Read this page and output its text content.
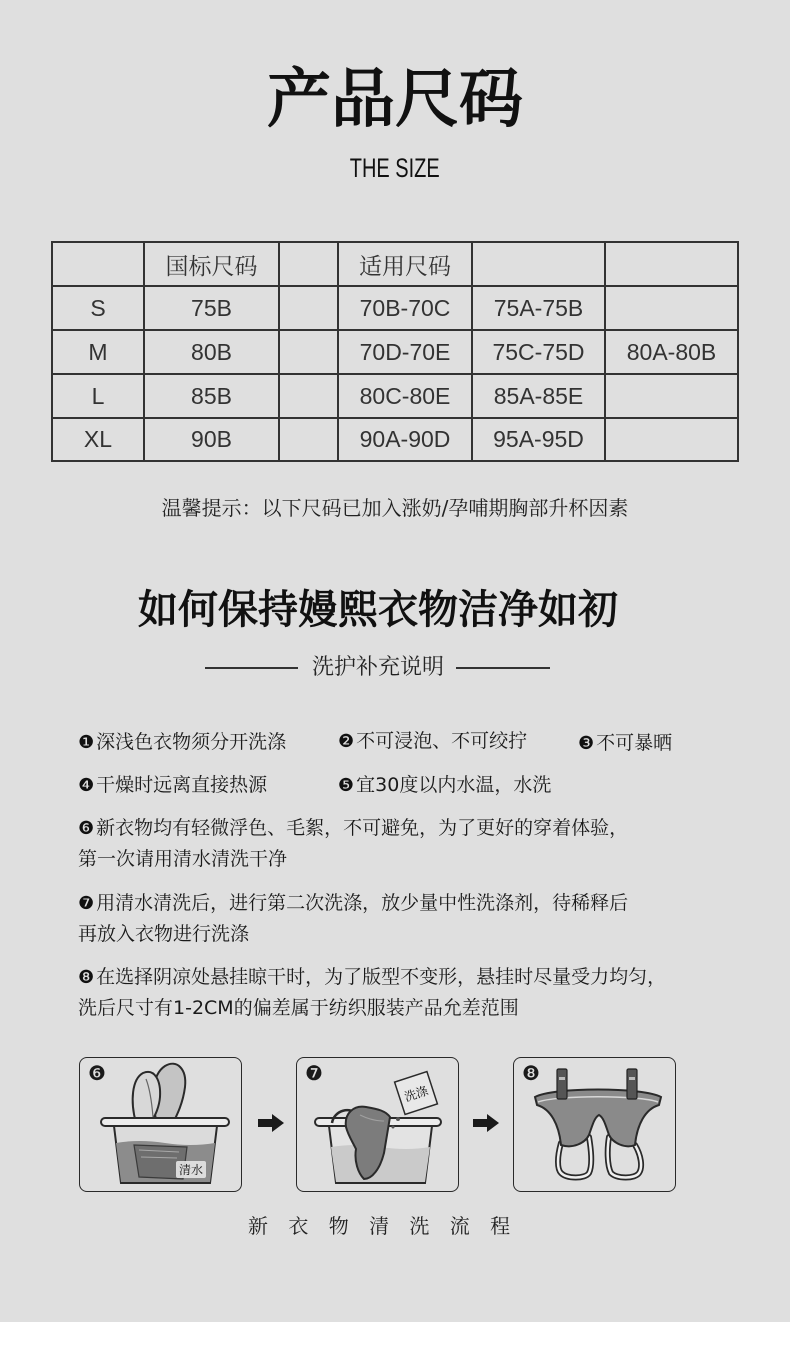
产品尺码
THE SIZE
国标尺码	适用尺码
S	75B	70B-70C	75A-75B
M	80B	70D-70E	75C-75D	80A-80B
L	85B	80C-80E	85A-85E
XL	90B	90A-90D	95A-95D
温馨提示：以下尺码已加入涨奶/孕哺期胸部升杯因素
如何保持嫚熙衣物洁净如初
洗护补充说明
❶ 深浅色衣物须分开洗涤	❷ 不可浸泡、不可绞拧	❸ 不可暴晒
❹ 干燥时远离直接热源	❺ 宜30度以内水温，水洗
❻ 新衣物均有轻微浮色、毛絮，不可避免，为了更好的穿着体验，
第一次请用清水清洗干净
❼ 用清水清洗后，进行第二次洗涤，放少量中性洗涤剂，待稀释后
再放入衣物进行洗涤
❽ 在选择阴凉处悬挂晾干时，为了版型不变形，悬挂时尽量受力均匀，
洗后尺寸有1-2CM的偏差属于纺织服装产品允差范围
清水
❻
洗涤
❼	❽
新 衣 物 清 洗 流 程
